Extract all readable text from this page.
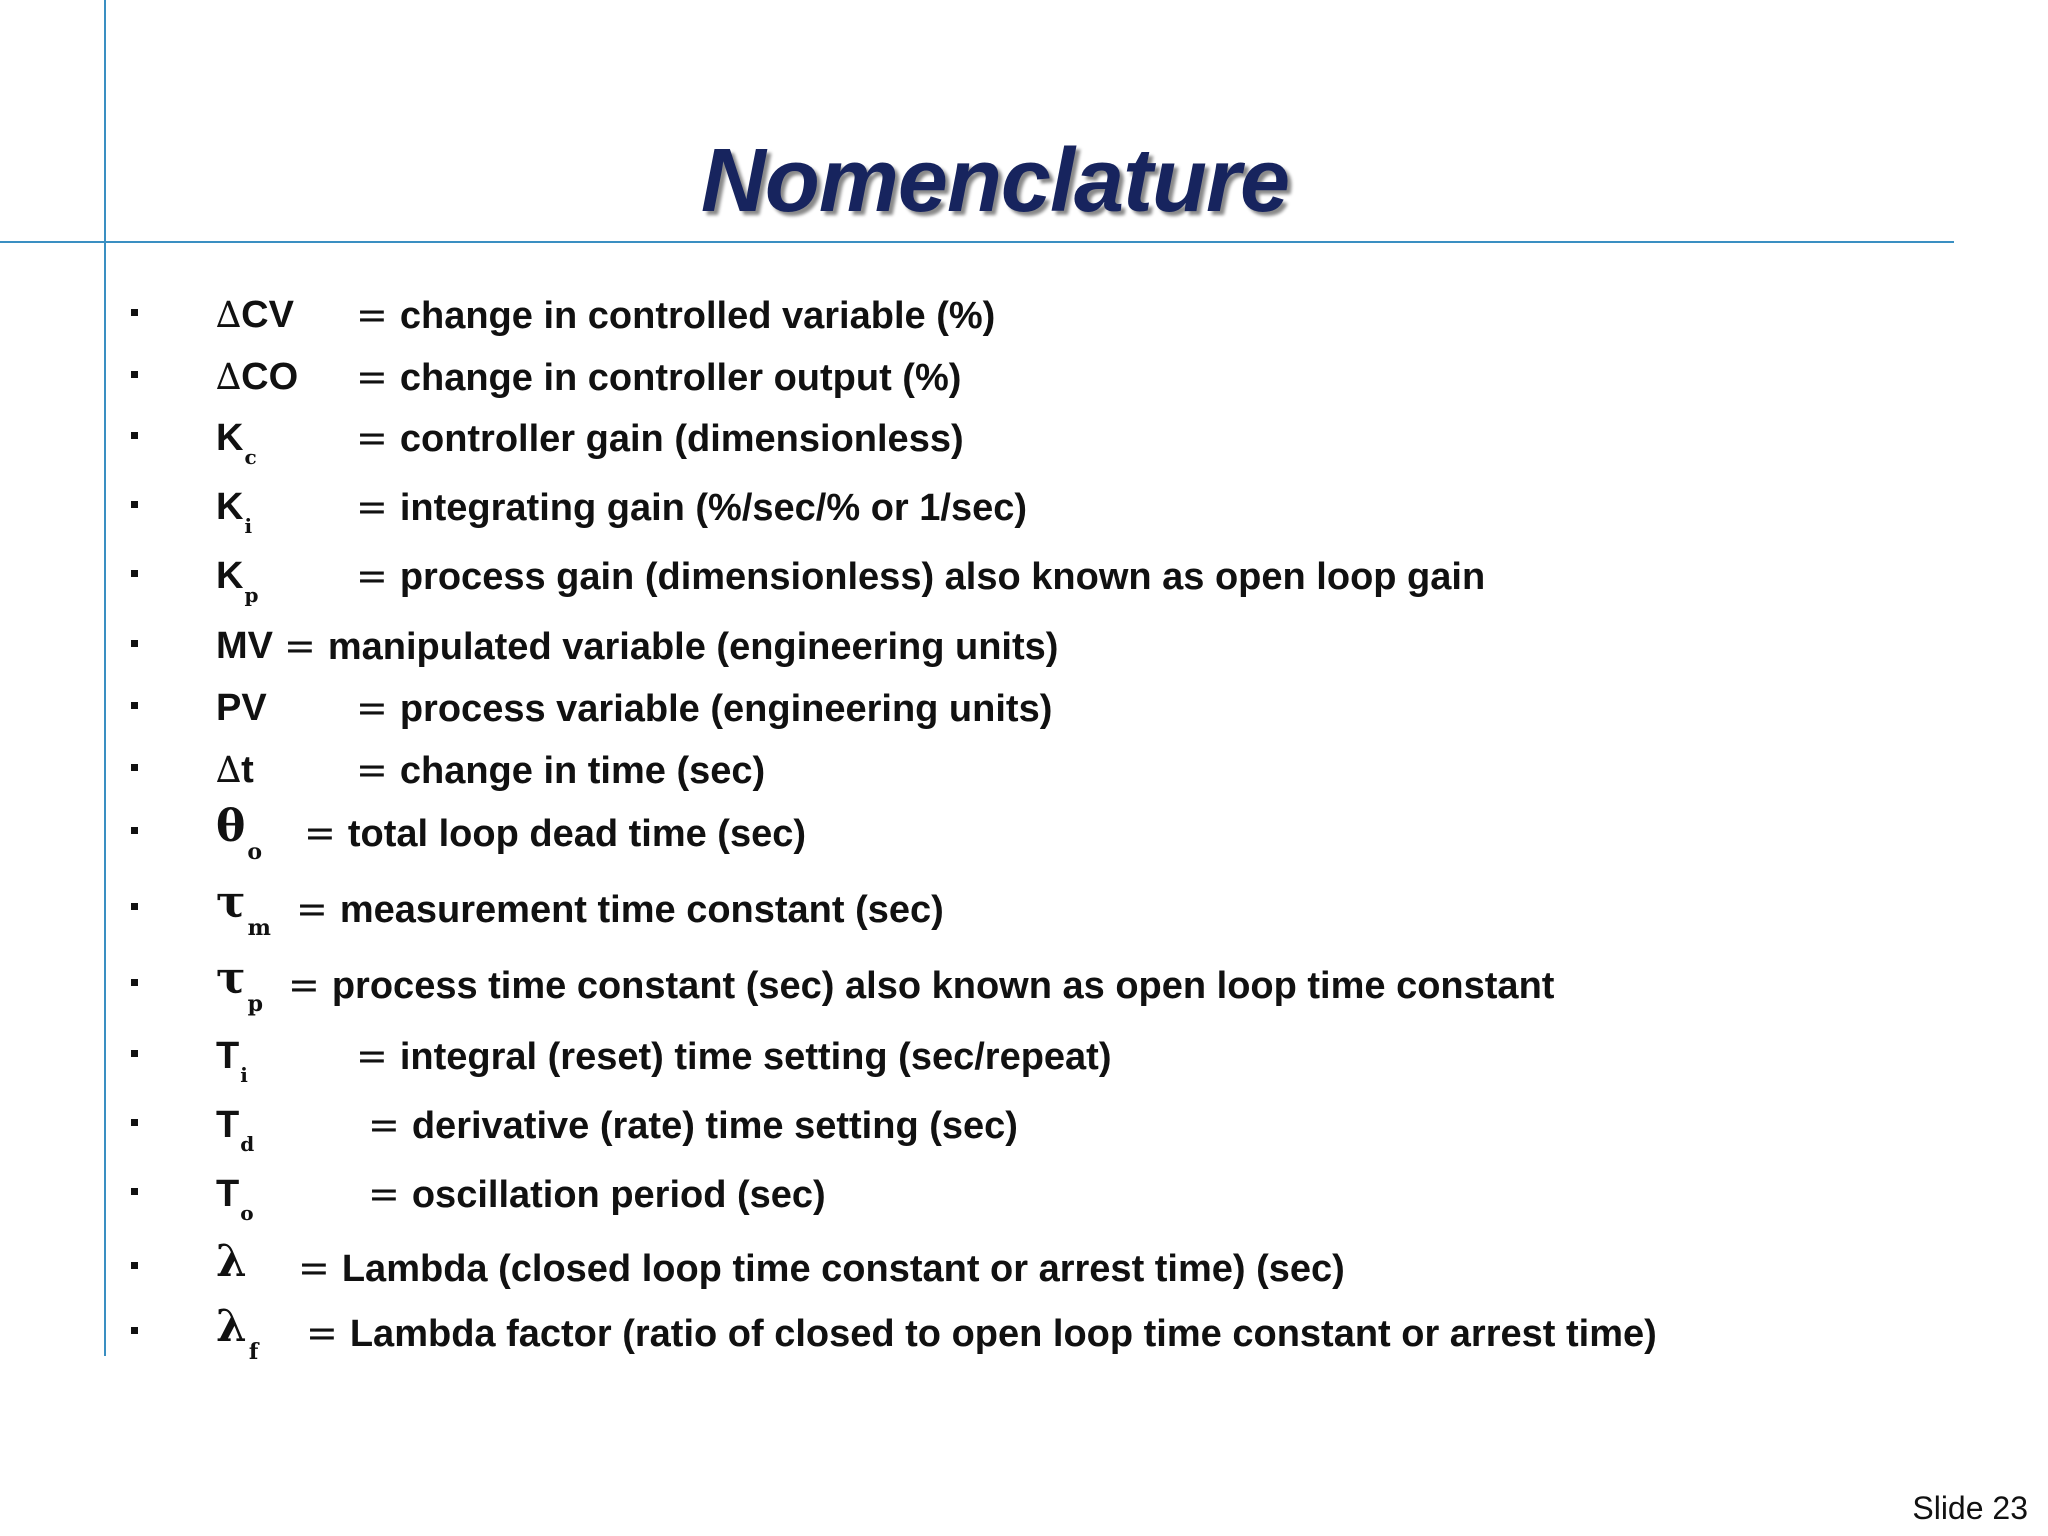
Nomenclature
∆CV = change in controlled variable (%)
∆CO = change in controller output (%)
$K_c$	= controller gain (dimensionless)
$K_i$	= integrating gain (%/sec/% or 1/sec)
$K_p$	= process gain (dimensionless) also known as open loop gain
MV = manipulated variable (engineering units)
PV = process variable (engineering units)
∆t	= change in time (sec)
$\theta_o$ = total loop dead time (sec)
$\tau_m$ = measurement time constant (sec)
$\tau_p$ = process time constant (sec) also known as open loop time constant
$T_i$	= integral (reset) time setting (sec/repeat)
$T_d$	= derivative (rate) time setting (sec)
$T_o$	= oscillation period (sec)
λ = Lambda (closed loop time constant or arrest time) (sec)
$\lambda_f$ = Lambda factor (ratio of closed to open loop time constant or arrest time)
Slide 23
